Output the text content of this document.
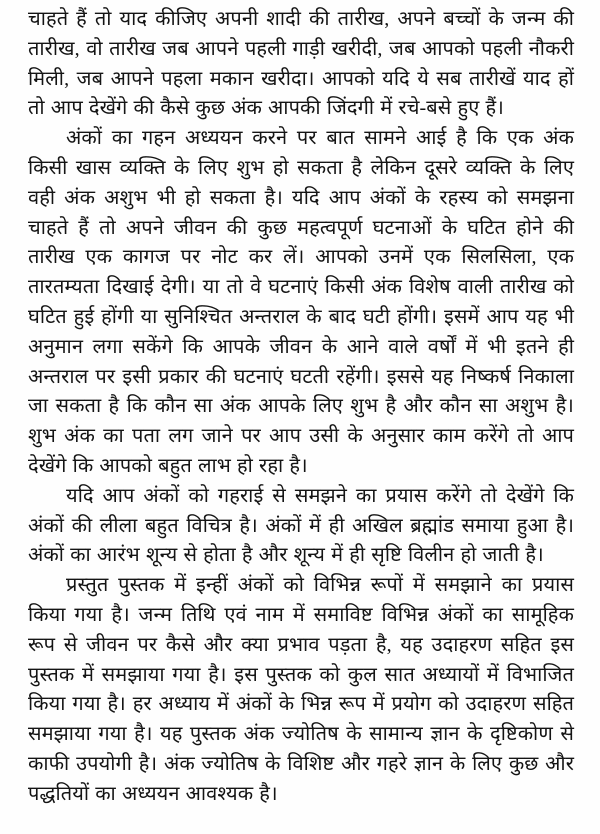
चाहते हैं तो याद कीजिए अपनी शादी की तारीख, अपने बच्चों के जन्म की तारीख, वो तारीख जब आपने पहली गाड़ी खरीदी, जब आपको पहली नौकरी मिली, जब आपने पहला मकान खरीदा। आपको यदि ये सब तारीखें याद हों तो आप देखेंगे की कैसे कुछ अंक आपकी जिंदगी में रचे-बसे हुए हैं।

अंकों का गहन अध्ययन करने पर बात सामने आई है कि एक अंक किसी खास व्यक्ति के लिए शुभ हो सकता है लेकिन दूसरे व्यक्ति के लिए वही अंक अशुभ भी हो सकता है। यदि आप अंकों के रहस्य को समझना चाहते हैं तो अपने जीवन की कुछ महत्वपूर्ण घटनाओं के घटित होने की तारीख एक कागज पर नोट कर लें। आपको उनमें एक सिलसिला, एक तारतम्यता दिखाई देगी। या तो वे घटनाएं किसी अंक विशेष वाली तारीख को घटित हुई होंगी या सुनिश्चित अन्तराल के बाद घटी होंगी। इसमें आप यह भी अनुमान लगा सकेंगे कि आपके जीवन के आने वाले वर्षों में भी इतने ही अन्तराल पर इसी प्रकार की घटनाएं घटती रहेंगी। इससे यह निष्कर्ष निकाला जा सकता है कि कौन सा अंक आपके लिए शुभ है और कौन सा अशुभ है। शुभ अंक का पता लग जाने पर आप उसी के अनुसार काम करेंगे तो आप देखेंगे कि आपको बहुत लाभ हो रहा है।

यदि आप अंकों को गहराई से समझने का प्रयास करेंगे तो देखेंगे कि अंकों की लीला बहुत विचित्र है। अंकों में ही अखिल ब्रह्मांड समाया हुआ है। अंकों का आरंभ शून्य से होता है और शून्य में ही सृष्टि विलीन हो जाती है।

प्रस्तुत पुस्तक में इन्हीं अंकों को विभिन्न रूपों में समझाने का प्रयास किया गया है। जन्म तिथि एवं नाम में समाविष्ट विभिन्न अंकों का सामूहिक रूप से जीवन पर कैसे और क्या प्रभाव पड़ता है, यह उदाहरण सहित इस पुस्तक में समझाया गया है। इस पुस्तक को कुल सात अध्यायों में विभाजित किया गया है। हर अध्याय में अंकों के भिन्न रूप में प्रयोग को उदाहरण सहित समझाया गया है। यह पुस्तक अंक ज्योतिष के सामान्य ज्ञान के दृष्टिकोण से काफी उपयोगी है। अंक ज्योतिष के विशिष्ट और गहरे ज्ञान के लिए कुछ और पद्धतियों का अध्ययन आवश्यक है।
